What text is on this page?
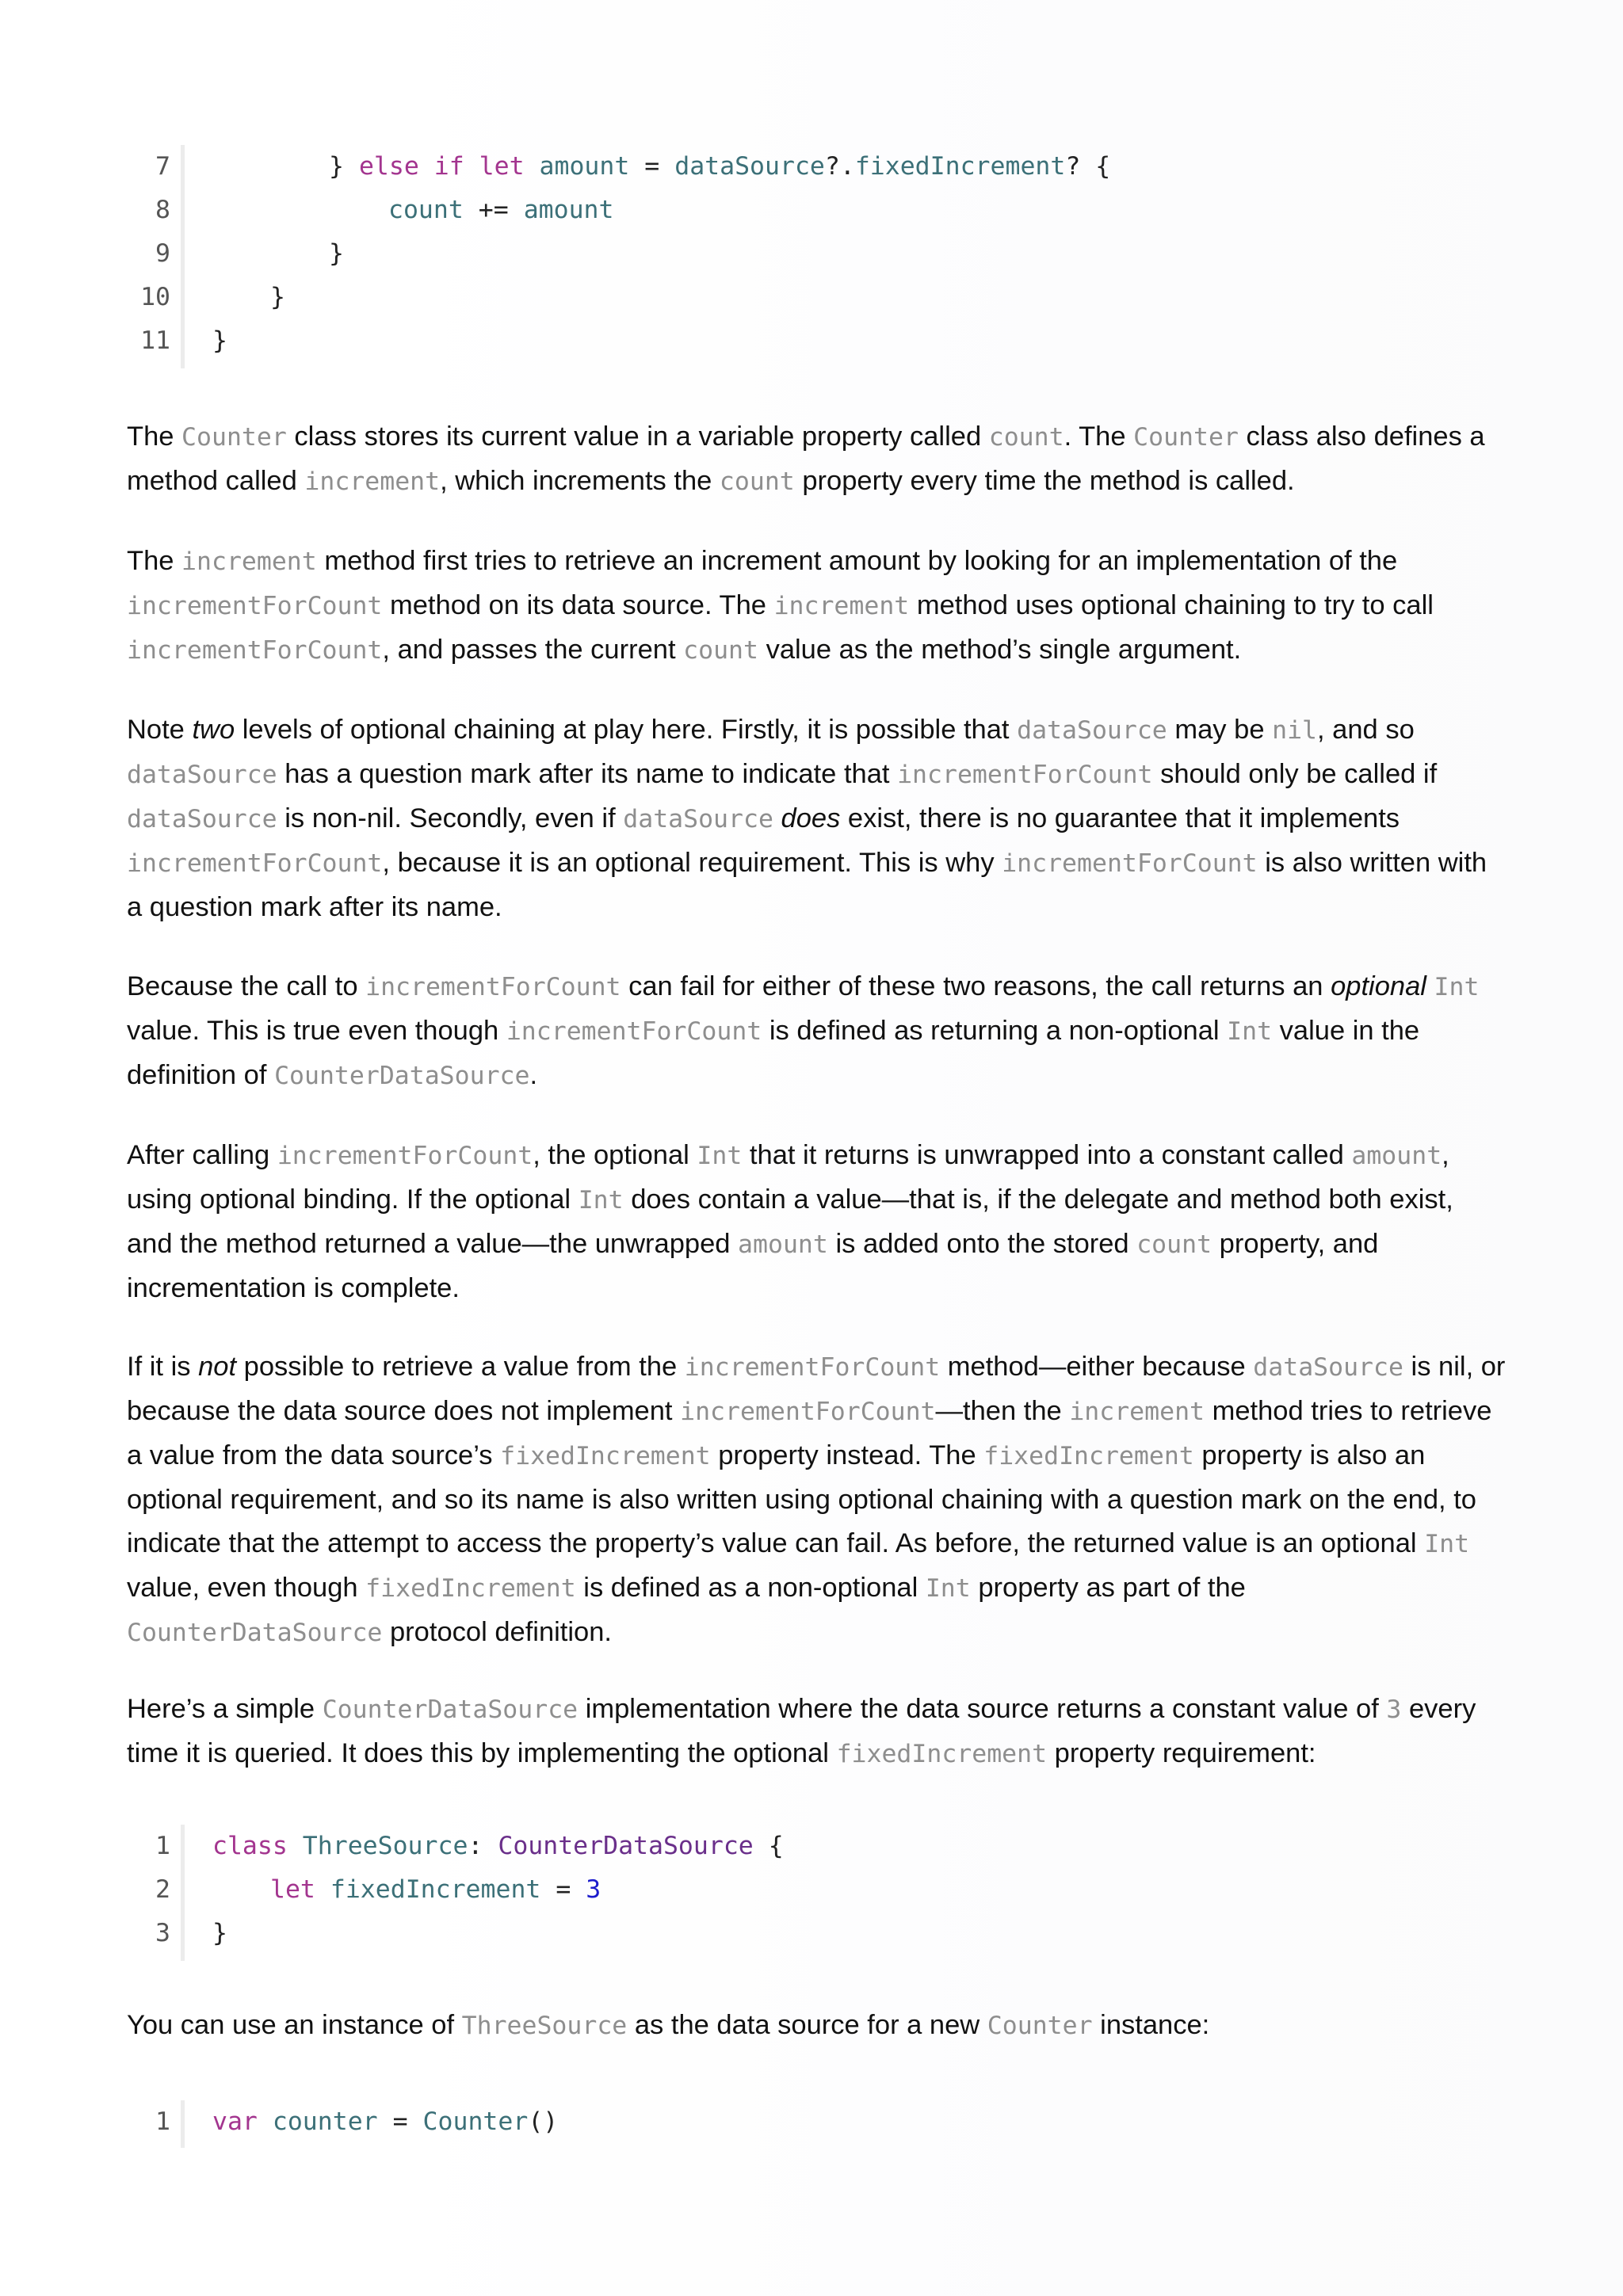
7	} else if let amount = dataSource?.fixedIncrement? {
8	count += amount
9	}
10	}
11 }

The Counter class stores its current value in a variable property called count. The Counter class also defines a method called increment, which increments the count property every time the method is called.

The increment method first tries to retrieve an increment amount by looking for an implementation of the incrementForCount method on its data source. The increment method uses optional chaining to try to call incrementForCount, and passes the current count value as the method’s single argument.

Note two levels of optional chaining at play here. Firstly, it is possible that dataSource may be nil, and so dataSource has a question mark after its name to indicate that incrementForCount should only be called if dataSource is non-nil. Secondly, even if dataSource does exist, there is no guarantee that it implements incrementForCount, because it is an optional requirement. This is why incrementForCount is also written with a question mark after its name.

Because the call to incrementForCount can fail for either of these two reasons, the call returns an optional Int value. This is true even though incrementForCount is defined as returning a non-optional Int value in the definition of CounterDataSource.

After calling incrementForCount, the optional Int that it returns is unwrapped into a constant called amount, using optional binding. If the optional Int does contain a value—that is, if the delegate and method both exist, and the method returned a value—the unwrapped amount is added onto the stored count property, and incrementation is complete.

If it is not possible to retrieve a value from the incrementForCount method—either because dataSource is nil, or because the data source does not implement incrementForCount—then the increment method tries to retrieve a value from the data source’s fixedIncrement property instead. The fixedIncrement property is also an optional requirement, and so its name is also written using optional chaining with a question mark on the end, to indicate that the attempt to access the property’s value can fail. As before, the returned value is an optional Int value, even though fixedIncrement is defined as a non-optional Int property as part of the CounterDataSource protocol definition.

Here’s a simple CounterDataSource implementation where the data source returns a constant value of 3 every time it is queried. It does this by implementing the optional fixedIncrement property requirement:

1 class ThreeSource: CounterDataSource {
2	let fixedIncrement = 3
3 }

You can use an instance of ThreeSource as the data source for a new Counter instance:

1 var counter = Counter()
